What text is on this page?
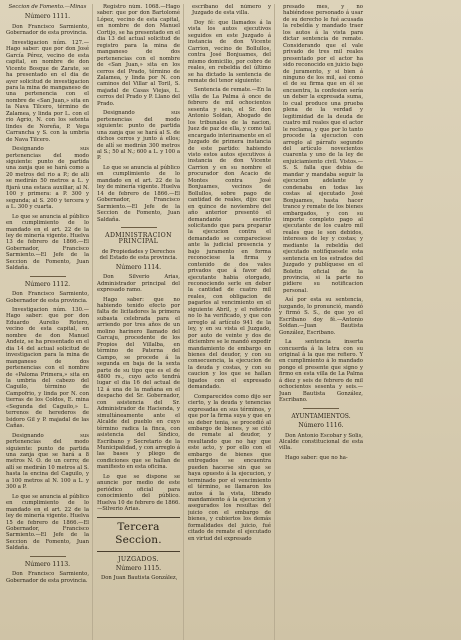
Seccion de Fomento.—Minas

Número 1111.

Don Francisco Sarmiento, Gobernador de esta provincia.

Investigacion núm. 127.—Hago saber: que por don José García Pérez, vecino de esta capital, en nombre de don Vicente Bosque de Zarate, se ha presentado en el dia de ayer solicitud de investigacion para la mina de manganeso de una pertenencia con el nombre de «San Juan,» sita en la Nava Tilcero, término de Zalamea, y linda por L. con el rio Agrio, N. con los setenta lindes de Noreña, P. Vega Carrancha y S. con la umbria de Nava Tilcero.

Designando sus pertenencias del modo siguiente: punto de partida una zanja que se hará como a 20 metros del rio a P.; de alli se medirán 50 metros a L. y fijará una estaca auxiliar, al N. 100 y primera: a P. 300 y segunda; al S. 200 y tercera y a L. 300 y cuarta.

Lo que se anuncia al público en cumplimiento de lo mandado en el art. 22 de la ley de minería vigente. Huelva 13 de febrero de 1866.—El Gobernador, Francisco Sarmiento.—El Jefe de la Seccion de Fomento, Juan Saldaña.

Número 1112.

Don Francisco Sarmiento, Gobernador de esta provincia.

Investigacion núm. 130.—Hago saber: que por don Eduardo Aurelio Rotero, vecino de esta capital, en nombre de don Manuel Andeiz, se ha presentado en el dia 14 del actual solicitud de investigacion para la mina de manganeso de dos pertenencias con el nombre de «Paloma Primera,» sita en la umbria del cabezo del Caguilo, término de Campofrio, y linda por N. con tierras de los Coldos, E. mina «Segunda del Caguilo,» L. terrenos de herederos de Isidoro Gil y P. majadal de las Cañas.

Designando sus pertenencias del modo siguiente: punto de partida una zanja que se hará a 8 metros N. O. de un cerro; de allí se medirán 10 metros al S. hasta la encina del Caguilo, y a 100 metros al N. 100 a L. y 300 a P.

Lo que se anuncia al público en cumplimiento de lo mandado en el art. 22 de la ley de minería vigente. Huelva 15 de febrero de 1866.—El Gobernador, Francisco Sarmiento.—El Jefe de la Seccion de Fomento, Juan Saldaña.

Número 1113.

Don Francisco Sarmiento, Gobernador de esta provincia.

Registro núm. 1068.—Hago saber: que por don Bartolomé López, vecino de esta capital, en nombre de don Manuel Cortijo, se ha presentado en el dia 13 del actual solicitud de registro para la mina de manganeso de dos pertenencias con el nombre de «San Juan,» sita en los cerros del Prado, término de Zalamea, y linda por N. con caminos del Villar al Toril, S. majadal de Casas Viejas, L. cerros del Prado y P. Llano del Prado.

Designando sus pertenencias del modo siguiente: punto de partida una zanja que se hará al S. de dichos cerros y junto á ellos; de allí se medirán 300 metros al S.; 50 al N.; 600 a L. y 100 a P.

Lo que se anuncia al público en cumplimiento de lo mandado en el art. 22 de la ley de minería vigente. Huelva 14 de febrero de 1866.—El Gobernador, Francisco Sarmiento.—El Jefe de la Seccion de Fomento, Juan Saldaña.

ADMINISTRACION PRINCIPAL

de Propiedades y Derechos del Estado de esta provincia.

Número 1114.

Don Silverio Arias, Administrador principal del expresado ramo.

Hago saber: que no habiendo tenido efecto por falta de licitadores la primera subasta celebrada para el arriendo por tres años de un molino harinero llamado del Carcaju, procedente de los Propios del Villalba, en término de Paterna del Campo, se procede á la segunda en baja de la sexta parte de su tipo que es el de 4800 rs., cuyo acto tendrá lugar el dia 16 del actual de 12 á una de la mañana en el despacho del Sr. Gobernador, con asistencia del Sr. Administrador de Hacienda, y simultáneamente ante el Alcalde del pueblo en cuyo término radica la finca, con asistencia del Síndico, Escribano y Secretario de la Municipalidad, y con arreglo á las bases y pliego de condiciones que se hallan de manifiesto en esta oficina.

Lo que se dispone se anuncie por medio de este periódico oficial para conocimiento del público. Huelva 10 de febrero de 1866.—Silverio Arias.

Tercera Seccion.
JUZGADOS.

Número 1115.

Don Juan Bautista González,

escribano del número y Juzgado de esta villa.

Doy fé: que llamados á la vista los autos ejecutivos seguidos en este Juzgado á instancia de don Vicente Carrion, vecino de Bollullos, contra José Bonjuames, del mismo domicilio, por cobro de reales, en rebeldía del último se ha dictado la sentencia de remate del tenor siguiente:

Sentencia de remate.—En la villa de La Palma á once de febrero de mil ochocientos sesenta y seis, el Sr. don Antonio Soldan, Abogado de los tribunales de la nacion, Juez de paz de ella, y como tal encargado interinamente en el Juzgado de primera instancia de este partido: habiendo visto estos autos ejecutivos á instancia de don Vicente Carrion y en su nombre el procurador don Acacio de Montes contra José Bonjuames, vecinos de Bollullos, sobre pago de cantidad de reales, dijo: que en quince de noviembre del año anterior presentó el demandante escrito solicitando que para preparar la ejecucion contra el demandado se compareciese ante la judicial presencia y bajo juramento en forma reconociese la firma y contenido de dos vales privados que á favor del ejecutante habia otorgado, reconociendo serle en deber la cantidad de cuatro mil reales, con obligacion de pagarlos al vencimiento en el siguiente Abril, y el referido no lo ha verificado, y que con arreglo al artículo 941 de la ley, y en su vista el Juzgado, por auto de veinte y dos de diciembre se le mandó expedir mandamiento de embargo en bienes del deudor, y con su consecuencia, la ejecucion de la deuda y costas, y con su caucion y los que se hallan ligados con el expresado demandado.

Comparecidos como dijo ser cierto, y la deuda y tenencias expresadas en sus términos, y que por la firma suya y que en su deber tenia, se procedió al embargo de bienes, y se citó de remate al deudor, y resultando que no hay que este acto, y por ello con el embargo de bienes que entregados se encuentra pueden hacerse sin que se haya opuesto á la ejecucion, y terminado por el vencimiento el término, se llamaron los autos á la vista, librado mandamiento á la ejecucion y asegurados los resultas del juicio con el embargo de bienes, y cubiertos los demás formalidades del juicio, fué citado de remate el ejecutado en virtud del expresado

presado mes, y no habiéndose personado á usar de su derecho le fué acusada la rebeldía y mandado traer los autos á la vista para dictar sentencia de remate. Considerando que el vale privado de tres mil reales presentado por el actor ha sido reconocido en juicio bajo de juramento, y si bien á ninguno de los mil, así como el de su firma que en él se encuentra, la confesion sería un deber la expresada suma, lo cual produce una prueba plena de la verdad y legitimidad de la deuda de cuatro mil reales que el actor le reclama, y que por lo tanto procede la ejecucion con arreglo al párrafo segundo del artículo novecientos cuarenta y uno de la ley de enjuiciamiento civil. Vistos.—S. S. falla que debia de mandar y mandaba seguir la ejecucion adelante y condenaba en todas las costas al ejecutado José Bonjuames, hasta hacer trance y remate de los bienes embargados, y con su importe completo pago al ejecutante de los cuatro mil reales que le son debidos, intereses de ley y costas; y mediante la rebeldía del ejecutado notifíquesele esta sentencia en los estrados del Juzgado y publíquese en el Boletin oficial de la provincia, si la parte no pidiere su notificacion personal.

Así por esta su sentencia, juzgando, lo pronunció, mandó y firmó S. S., de que yo el Escribano doy fé.—Antonio Soldan.—Juan Bautista González, Escribano.

La sentencia inserta concuerda á la letra con su original á la que me refiero. Y en cumplimiento á lo mandado pongo el presente que signo y firmo en esta villa de La Palma á diez y seis de febrero de mil ochocientos sesenta y seis.—Juan Bautista González, Escribano.

AYUNTAMIENTOS.

Número 1116.

Don Antonio Escobar y Solis, Alcalde constitucional de esta villa.

Hago saber: que no ha-
